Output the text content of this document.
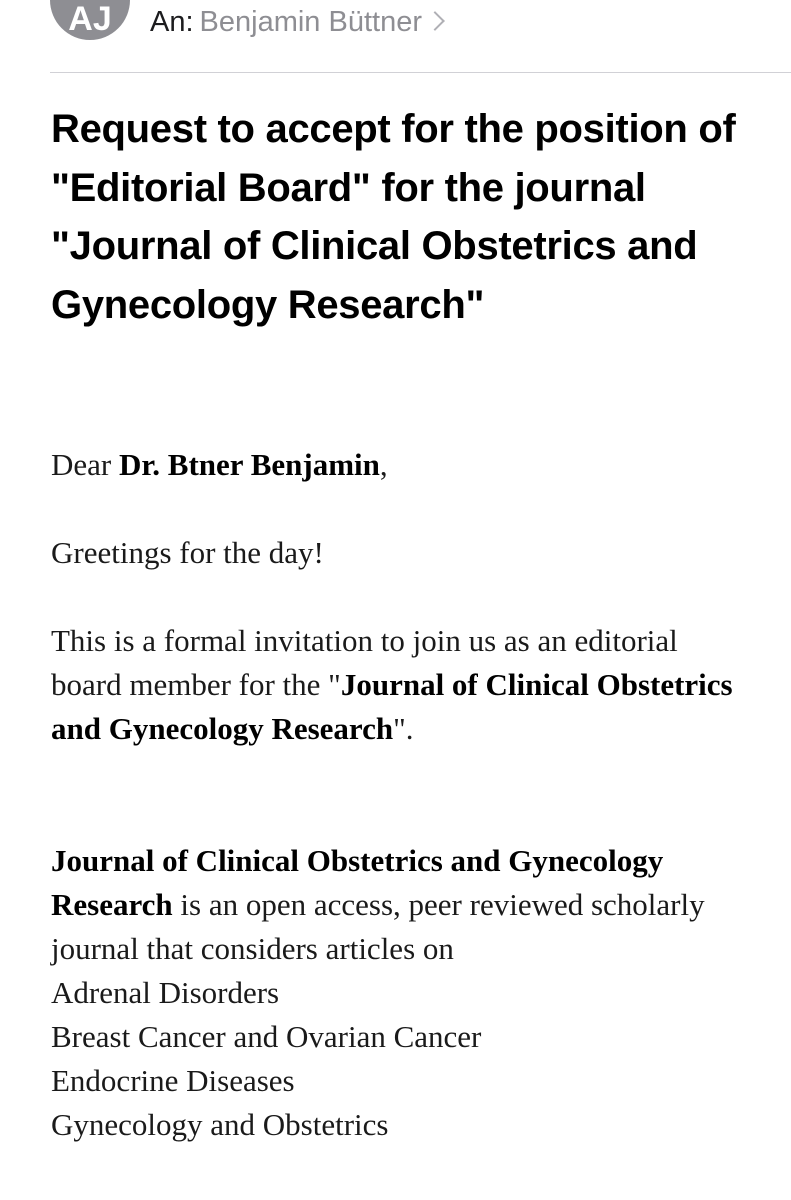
AJ	An: Benjamin Büttner
Request to accept for the position of "Editorial Board" for the journal "Journal of Clinical Obstetrics and Gynecology Research"

Dear Dr. Btner Benjamin,

Greetings for the day!

This is a formal invitation to join us as an editorial board member for the "Journal of Clinical Obstetrics and Gynecology Research".

Journal of Clinical Obstetrics and Gynecology Research is an open access, peer reviewed scholarly journal that considers articles on
Adrenal Disorders
Breast Cancer and Ovarian Cancer
Endocrine Diseases
Gynecology and Obstetrics
